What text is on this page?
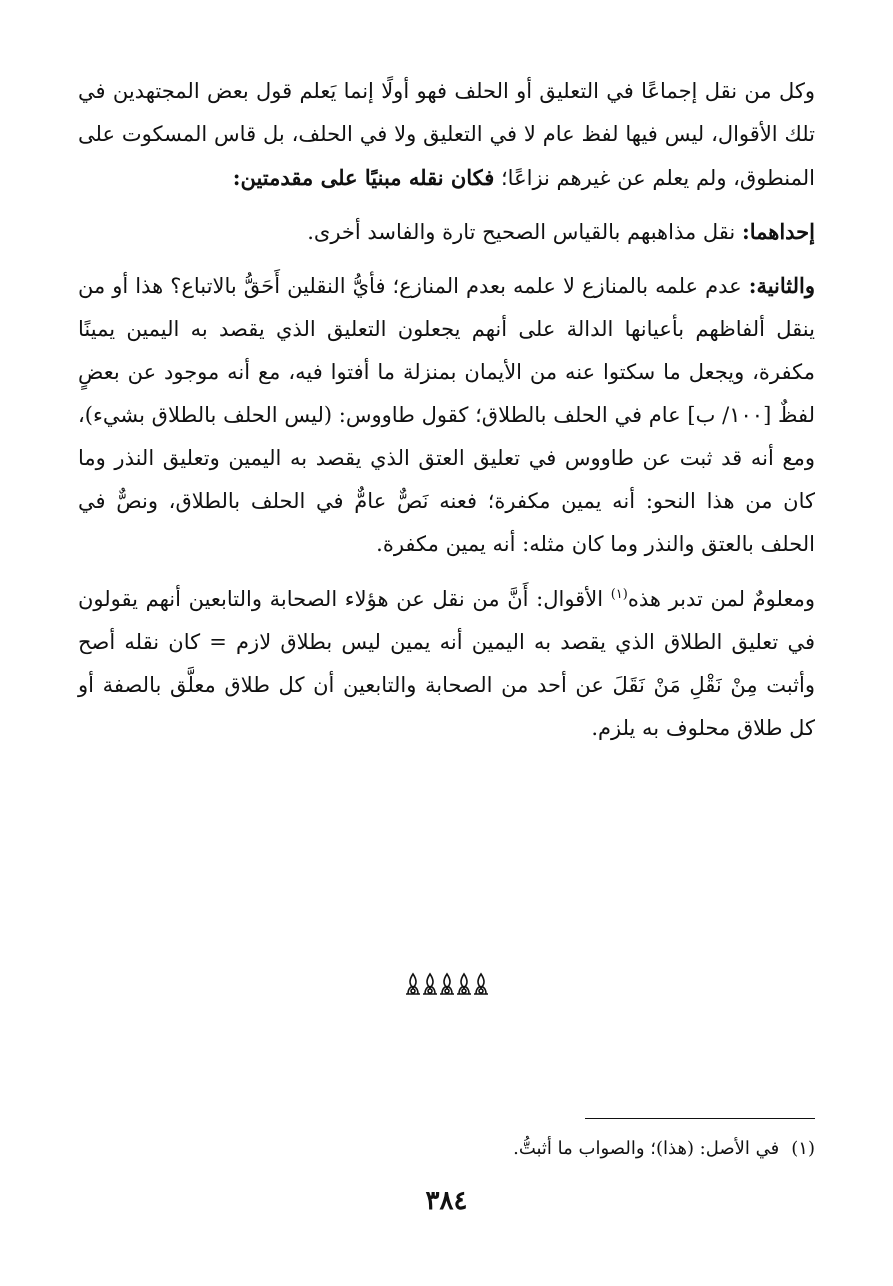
وكل من نقل إجماعًا في التعليق أو الحلف فهو أولًا إنما يَعلم قول بعض المجتهدين في تلك الأقوال، ليس فيها لفظ عام لا في التعليق ولا في الحلف، بل قاس المسكوت على المنطوق، ولم يعلم عن غيرهم نزاعًا؛ فكان نقله مبنيًا على مقدمتين:

إحداهما: نقل مذاهبهم بالقياس الصحيح تارة والفاسد أخرى.

والثانية: عدم علمه بالمنازع لا علمه بعدم المنازع؛ فأيُّ النقلين أَحَقُّ بالاتباع؟ هذا أو من ينقل ألفاظهم بأعيانها الدالة على أنهم يجعلون التعليق الذي يقصد به اليمين يمينًا مكفرة، ويجعل ما سكتوا عنه من الأيمان بمنزلة ما أفتوا فيه، مع أنه موجود عن بعضٍ لفظٌ [١٠٠/ ب] عام في الحلف بالطلاق؛ كقول طاووس: (ليس الحلف بالطلاق بشيء)، ومع أنه قد ثبت عن طاووس في تعليق العتق الذي يقصد به اليمين وتعليق النذر وما كان من هذا النحو: أنه يمين مكفرة؛ فعنه نَصٌّ عامٌّ في الحلف بالطلاق، ونصٌّ في الحلف بالعتق والنذر وما كان مثله: أنه يمين مكفرة.

ومعلومٌ لمن تدبر هذه$^{(١)}$ الأقوال: أَنَّ من نقل عن هؤلاء الصحابة والتابعين أنهم يقولون في تعليق الطلاق الذي يقصد به اليمين أنه يمين ليس بطلاق لازم = كان نقله أصح وأثبت مِنْ نَقْلِ مَنْ نَقَلَ عن أحد من الصحابة والتابعين أن كل طلاق معلَّق بالصفة أو كل طلاق محلوف به يلزم.

(١)في الأصل: (هذا)؛ والصواب ما أثبتُّ.
٣٨٤
